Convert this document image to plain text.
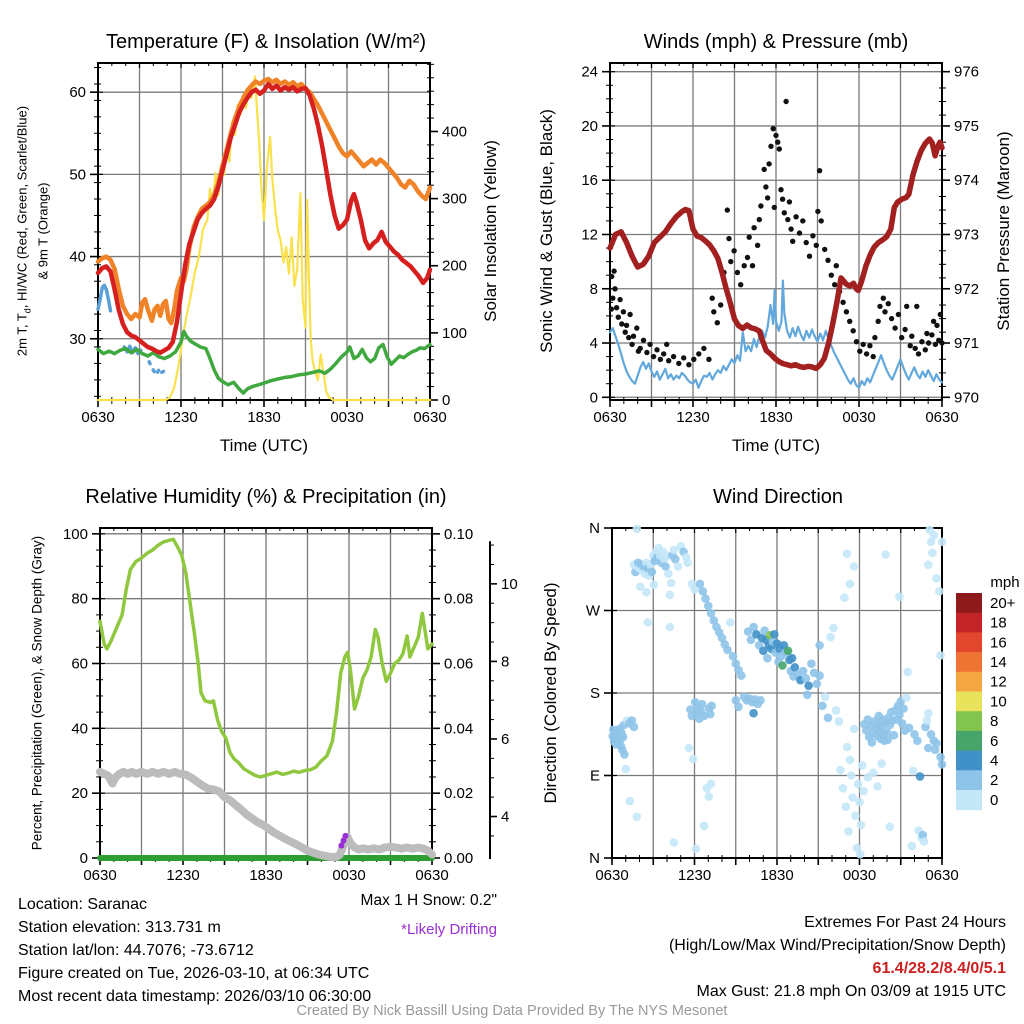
0630	1230	1830	0030	0630
30
40
50
60
0
100
200
300
400
0630	1230	1830	0030	0630
0
4
8
12
16
20
24
970
971
972
973
974
975
976
0630	1230	1830	0030	0630
0
20
40
60
80
100
0.00
0.02
0.04
0.06
0.08
0.10
4
6
8
10
0630	1230	1830	0030	0630
N
W
S
E
N
20+
18
16
14
12
10
8
6
4
2
0
Temperature (F) & Insolation (W/m²)	Winds (mph) & Pressure (mb)
Relative Humidity (%) & Precipitation (in)	Wind Direction
Time (UTC)	Time (UTC)
2m T, $T_d$, HI/WC (Red, Green, Scarlet/Blue) & 9m T (Orange)	Solar Insolation (Yellow) Sonic Wind & Gust (Blue, Black)	Station Pressure (Maroon)
Percent, Precipitation (Green), & Snow Depth (Gray)	Direction (Colored By Speed)	mph
Max 1 H Snow: 0.2"
*Likely Drifting
Location: Saranac
Station elevation: 313.731 m
Station lat/lon: 44.7076; -73.6712
Figure created on Tue, 2026-03-10, at 06:34 UTC
Most recent data timestamp: 2026/03/10 06:30:00
Extremes For Past 24 Hours
(High/Low/Max Wind/Precipitation/Snow Depth)
61.4/28.2/8.4/0/5.1
Max Gust: 21.8 mph On 03/09 at 1915 UTC
Created By Nick Bassill Using Data Provided By The NYS Mesonet
